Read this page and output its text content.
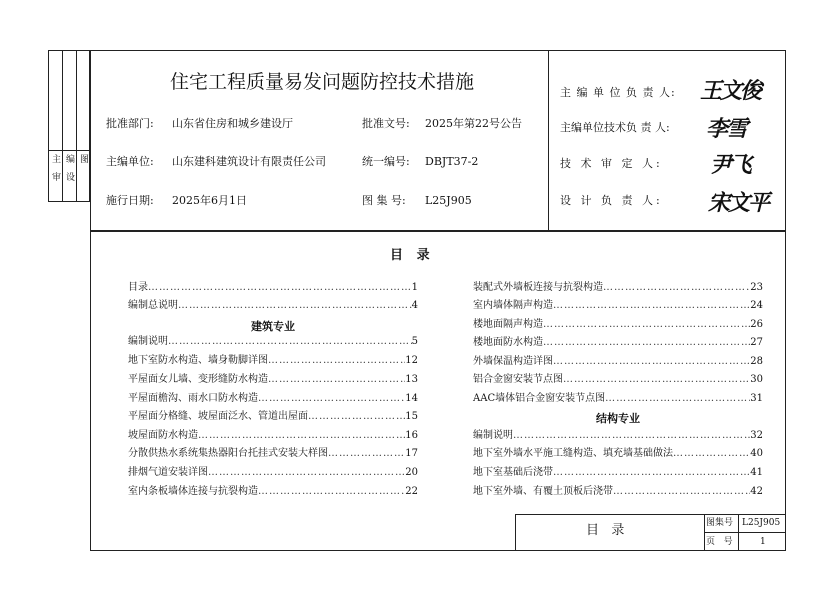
图
主 编
审 设
住宅工程质量易发问题防控技术措施
批准部门: 山东省住房和城乡建设厅	批准文号: 2025年第22号公告
主编单位: 山东建科建筑设计有限责任公司	统一编号: DBJT37-2
施行日期: 2025年6月1日	图 集 号: L25J905
主 编 单 位 负 责 人: 王文俊
主编单位技术负 责 人: 李雪
技 术 审 定 人: 尹飞
设 计 负 责 人: 宋文平
目   录
目录 ……………………………………………………………………………………………………………………………	1
编制总说明 ……………………………………………………………………………………………………………………………	4
建筑专业
编制说明 ……………………………………………………………………………………………………………………………	5
地下室防水构造、墙身勒脚详图 ……………………………………………………………………………………………………………………………	12
平屋面女儿墙、变形缝防水构造 ……………………………………………………………………………………………………………………………	13
平屋面檐沟、雨水口防水构造 ……………………………………………………………………………………………………………………………	14
平屋面分格缝、坡屋面泛水、管道出屋面 ……………………………………………………………………………………………………………………………	15
坡屋面防水构造 ……………………………………………………………………………………………………………………………	16
分散供热水系统集热器阳台托挂式安装大样图 ……………………………………………………………………………………………………………………………	17
排烟气道安装详图 ……………………………………………………………………………………………………………………………	20
室内条板墙体连接与抗裂构造 ……………………………………………………………………………………………………………………………	22
装配式外墙板连接与抗裂构造 ……………………………………………………………………………………………………………………………	23
室内墙体隔声构造 ……………………………………………………………………………………………………………………………	24
楼地面隔声构造 ……………………………………………………………………………………………………………………………	26
楼地面防水构造 ……………………………………………………………………………………………………………………………	27
外墙保温构造详图 ……………………………………………………………………………………………………………………………	28
铝合金窗安装节点图 ……………………………………………………………………………………………………………………………	30
AAC墙体铝合金窗安装节点图 ……………………………………………………………………………………………………………………………	31
结构专业
编制说明 ……………………………………………………………………………………………………………………………	32
地下室外墙水平施工缝构造、填充墙基础做法 ……………………………………………………………………………………………………………………………	40
地下室基础后浇带 ……………………………………………………………………………………………………………………………	41
地下室外墙、有覆土顶板后浇带 ……………………………………………………………………………………………………………………………	42
目   录	图集号 L25J905
页   号	1
